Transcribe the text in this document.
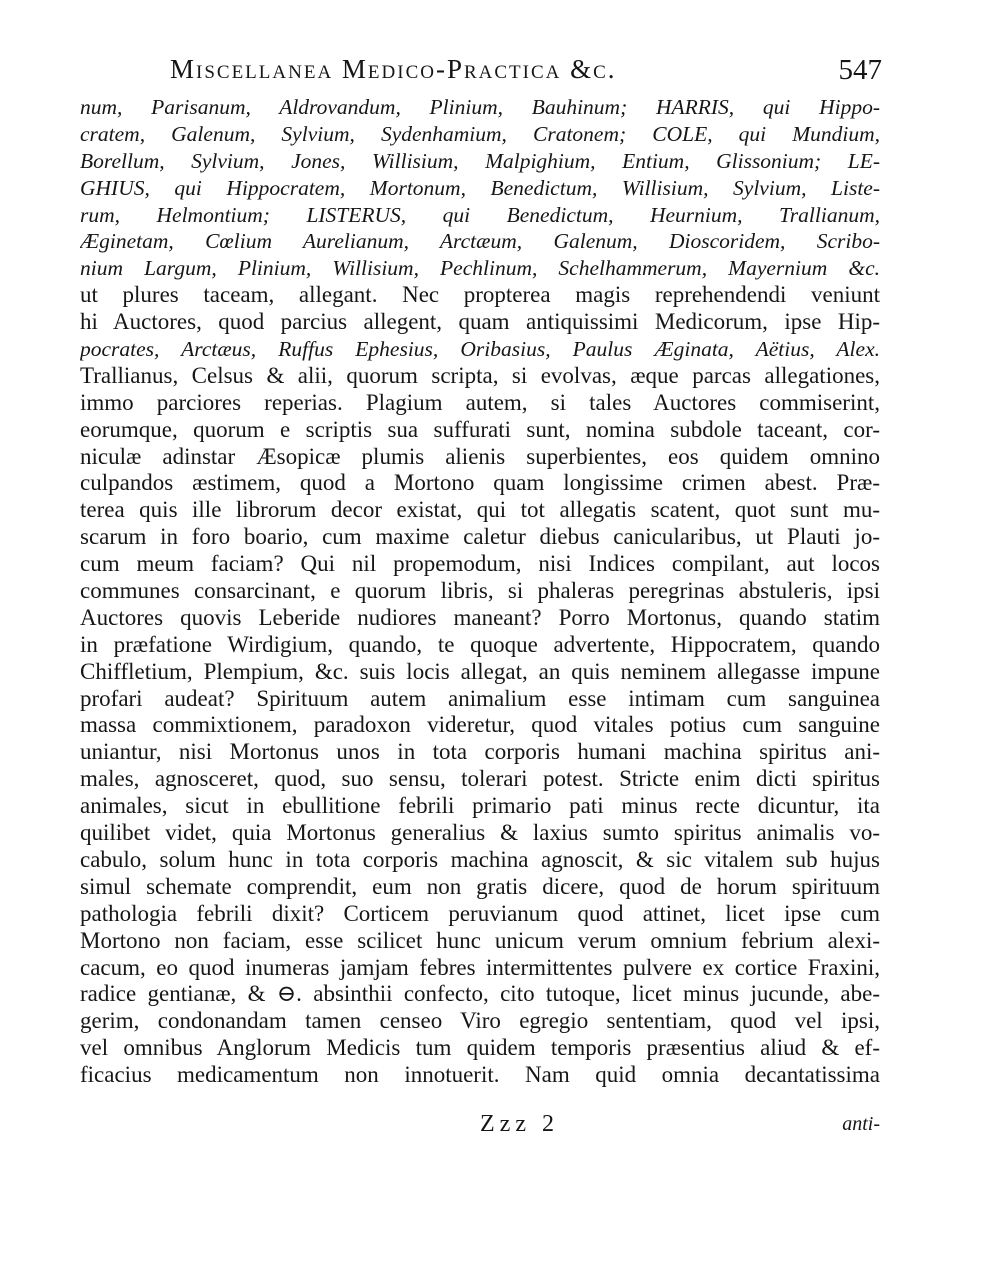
Miscellanea Medico-Practica &c.	547
num, Parisanum, Aldrovandum, Plinium, Bauhinum; HARRIS, qui Hippo-
cratem, Galenum, Sylvium, Sydenhamium, Cratonem; COLE, qui Mundium,
Borellum, Sylvium, Jones, Willisium, Malpighium, Entium, Glissonium; LE-
GHIUS, qui Hippocratem, Mortonum, Benedictum, Willisium, Sylvium, Liste-
rum, Helmontium; LISTERUS, qui Benedictum, Heurnium, Trallianum,
Æginetam, Cœlium Aurelianum, Arctæum, Galenum, Dioscoridem, Scribo-
nium Largum, Plinium, Willisium, Pechlinum, Schelhammerum, Mayernium &c.
ut plures taceam, allegant. Nec propterea magis reprehendendi veniunt
hi Auctores, quod parcius allegent, quam antiquissimi Medicorum, ipse Hip-
pocrates, Arctæus, Ruffus Ephesius, Oribasius, Paulus Æginata, Aëtius, Alex.
Trallianus, Celsus & alii, quorum scripta, si evolvas, æque parcas allegationes,
immo parciores reperias. Plagium autem, si tales Auctores commiserint,
eorumque, quorum e scriptis sua suffurati sunt, nomina subdole taceant, cor-
niculæ adinstar Æsopicæ plumis alienis superbientes, eos quidem omnino
culpandos æstimem, quod a Mortono quam longissime crimen abest. Præ-
terea quis ille librorum decor existat, qui tot allegatis scatent, quot sunt mu-
scarum in foro boario, cum maxime caletur diebus canicularibus, ut Plauti jo-
cum meum faciam? Qui nil propemodum, nisi Indices compilant, aut locos
communes consarcinant, e quorum libris, si phaleras peregrinas abstuleris, ipsi
Auctores quovis Leberide nudiores maneant? Porro Mortonus, quando statim
in præfatione Wirdigium, quando, te quoque advertente, Hippocratem, quando
Chiffletium, Plempium, &c. suis locis allegat, an quis neminem allegasse impune
profari audeat? Spirituum autem animalium esse intimam cum sanguinea
massa commixtionem, paradoxon videretur, quod vitales potius cum sanguine
uniantur, nisi Mortonus unos in tota corporis humani machina spiritus ani-
males, agnosceret, quod, suo sensu, tolerari potest. Stricte enim dicti spiritus
animales, sicut in ebullitione febrili primario pati minus recte dicuntur, ita
quilibet videt, quia Mortonus generalius & laxius sumto spiritus animalis vo-
cabulo, solum hunc in tota corporis machina agnoscit, & sic vitalem sub hujus
simul schemate comprendit, eum non gratis dicere, quod de horum spirituum
pathologia febrili dixit? Corticem peruvianum quod attinet, licet ipse cum
Mortono non faciam, esse scilicet hunc unicum verum omnium febrium alexi-
cacum, eo quod inumeras jamjam febres intermittentes pulvere ex cortice Fraxini,
radice gentianæ, & ⊖. absinthii confecto, cito tutoque, licet minus jucunde, abe-
gerim, condonandam tamen censeo Viro egregio sententiam, quod vel ipsi,
vel omnibus Anglorum Medicis tum quidem temporis præsentius aliud & ef-
ficacius medicamentum non innotuerit. Nam quid omnia decantatissima
Zzz 2	anti-
